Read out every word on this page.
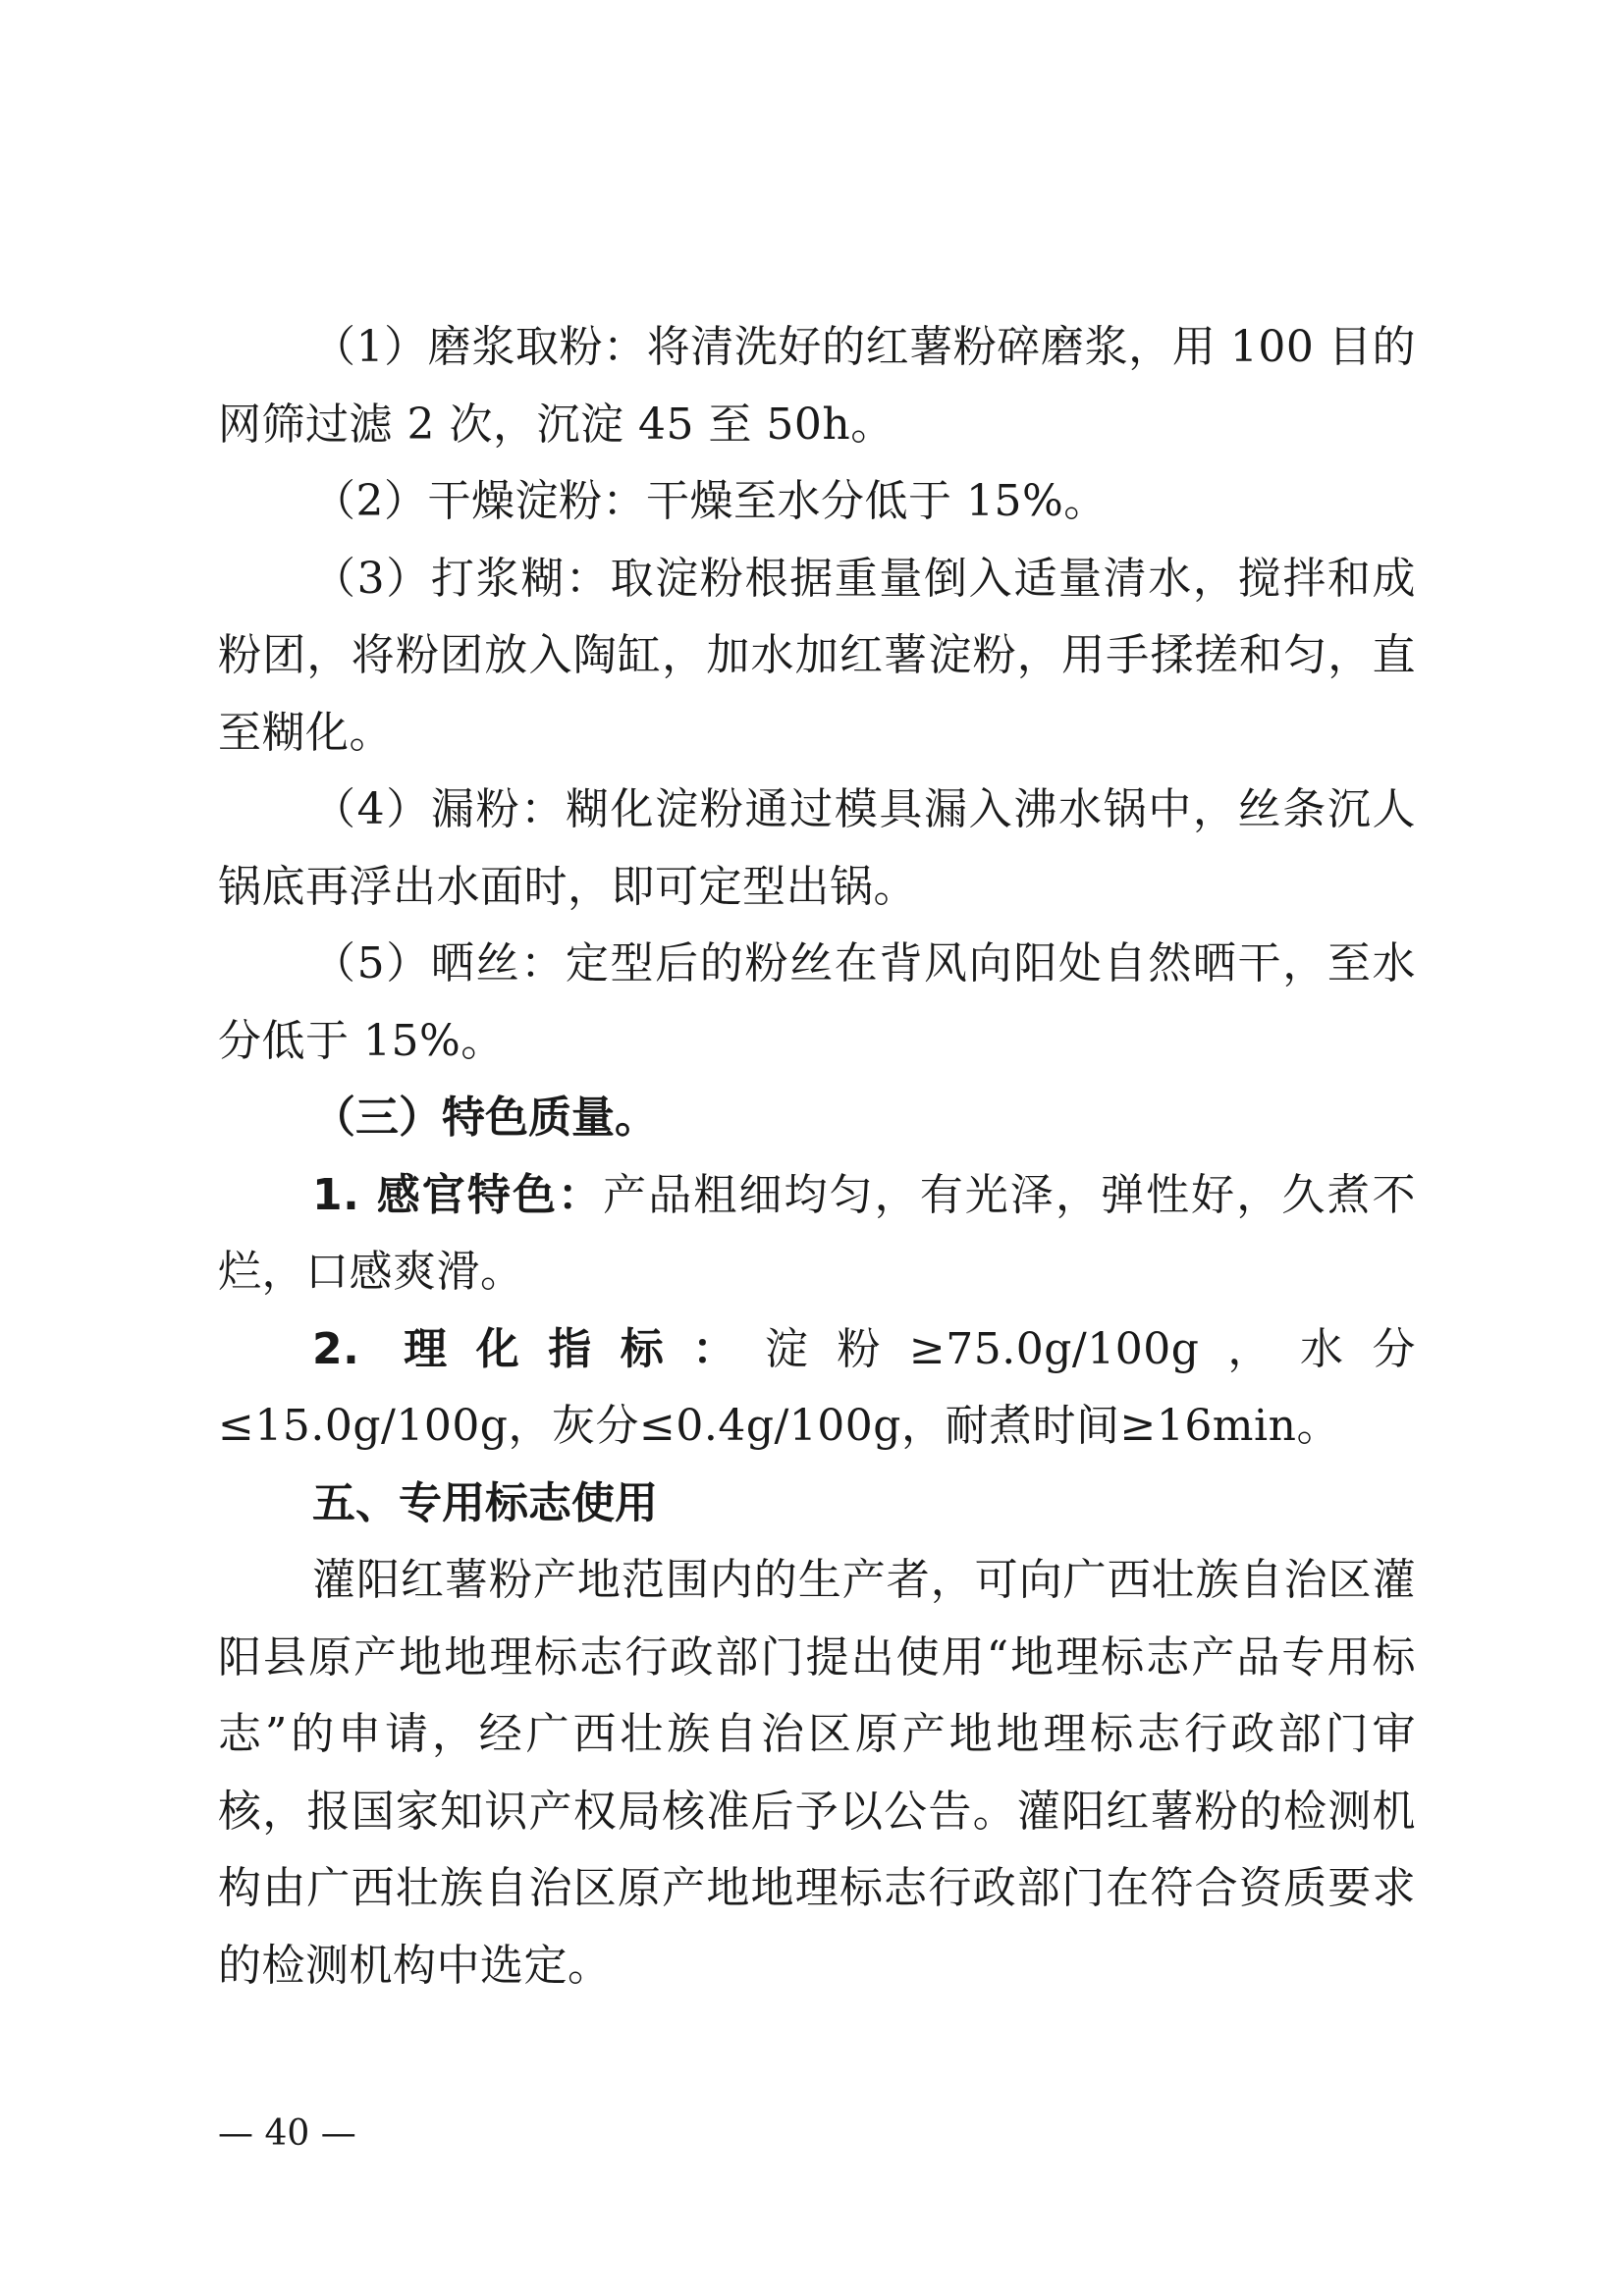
（1）磨浆取粉：将清洗好的红薯粉碎磨浆，用 100 目的网筛过滤 2 次，沉淀 45 至 50h。

（2）干燥淀粉：干燥至水分低于 15%。

（3）打浆糊：取淀粉根据重量倒入适量清水，搅拌和成粉团，将粉团放入陶缸，加水加红薯淀粉，用手揉搓和匀，直至糊化。

（4）漏粉：糊化淀粉通过模具漏入沸水锅中，丝条沉人锅底再浮出水面时，即可定型出锅。

（5）晒丝：定型后的粉丝在背风向阳处自然晒干，至水分低于 15%。

（三）特色质量。

1. 感官特色：产品粗细均匀，有光泽，弹性好，久煮不烂，口感爽滑。

2. 理化指标：淀粉≥75.0g/100g，水分≤15.0g/100g，灰分≤0.4g/100g，耐煮时间≥16min。

五、专用标志使用

灌阳红薯粉产地范围内的生产者，可向广西壮族自治区灌阳县原产地地理标志行政部门提出使用“地理标志产品专用标志”的申请，经广西壮族自治区原产地地理标志行政部门审核，报国家知识产权局核准后予以公告。灌阳红薯粉的检测机构由广西壮族自治区原产地地理标志行政部门在符合资质要求的检测机构中选定。

— 40 —
